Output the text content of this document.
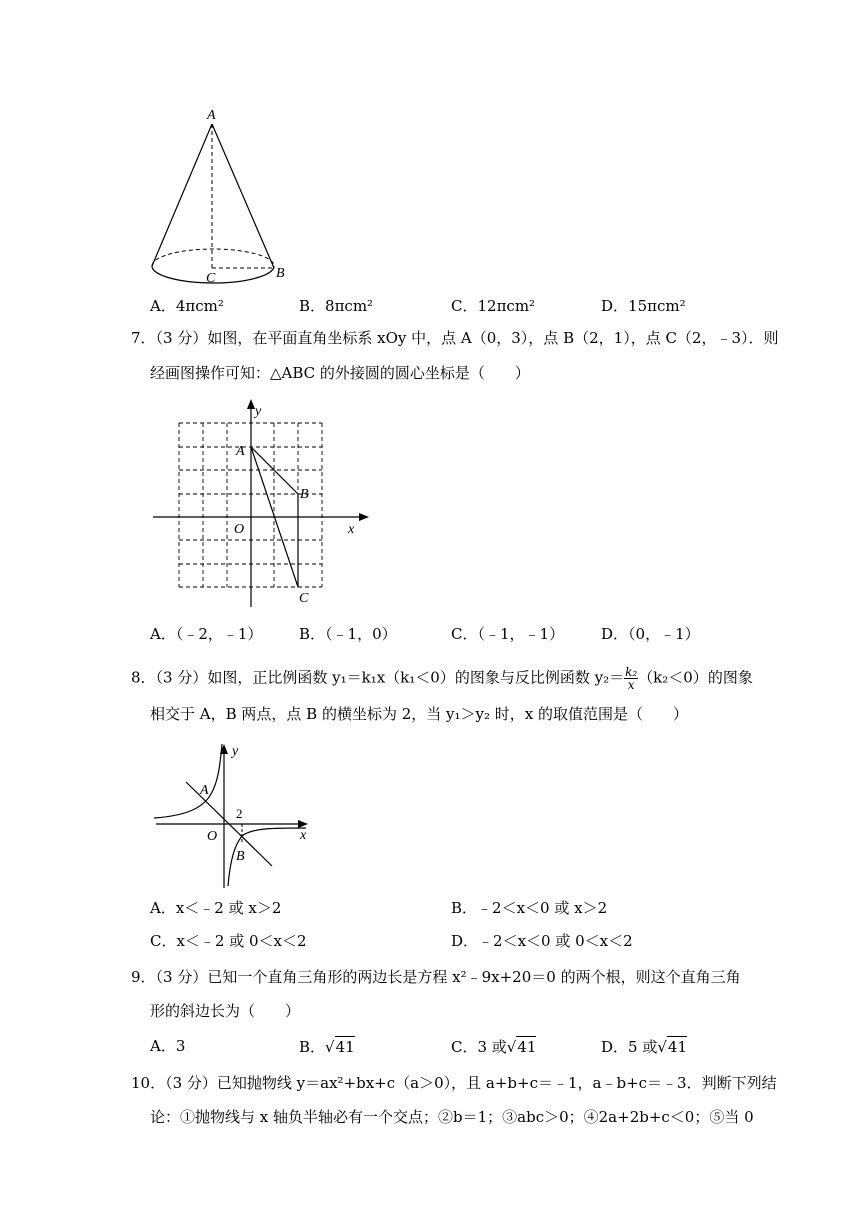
A
C	B
A．4πcm²	B．8πcm²	C．12πcm²	D．15πcm²
7．（3 分）如图，在平面直角坐标系 xOy 中，点 A（0，3），点 B（2，1），点 C（2，﹣3）．则
经画图操作可知：△ABC 的外接圆的圆心坐标是（　　）
y
x
O
A
B
C
A．（﹣2，﹣1） B．（﹣1，0）	C．（﹣1，﹣1） D．（0，﹣1）
8．（3 分）如图，正比例函数 y₁＝k₁x（k₁＜0）的图象与反比例函数 $y_2= \frac{\text{k₂}}{x} (k_2<0)$的图象
相交于 A，B 两点，点 B 的横坐标为 2，当 y₁＞y₂ 时，x 的取值范围是（　　）
y
x
O
A
B
2
A．x＜﹣2 或 x＞2	B．﹣2＜x＜0 或 x＞2
C．x＜﹣2 或 0＜x＜2	D．﹣2＜x＜0 或 0＜x＜2
9．（3 分）已知一个直角三角形的两边长是方程 x²﹣9x+20＝0 的两个根，则这个直角三角
形的斜边长为（　　）
A．3	B．√41	C．3 或√41	D．5 或√41
10．（3 分）已知抛物线 y＝ax²+bx+c（a＞0），且 a+b+c＝﹣1，a﹣b+c＝﹣3．判断下列结
论：①抛物线与 x 轴负半轴必有一个交点；②b＝1；③abc＞0；④2a+2b+c＜0；⑤当 0
